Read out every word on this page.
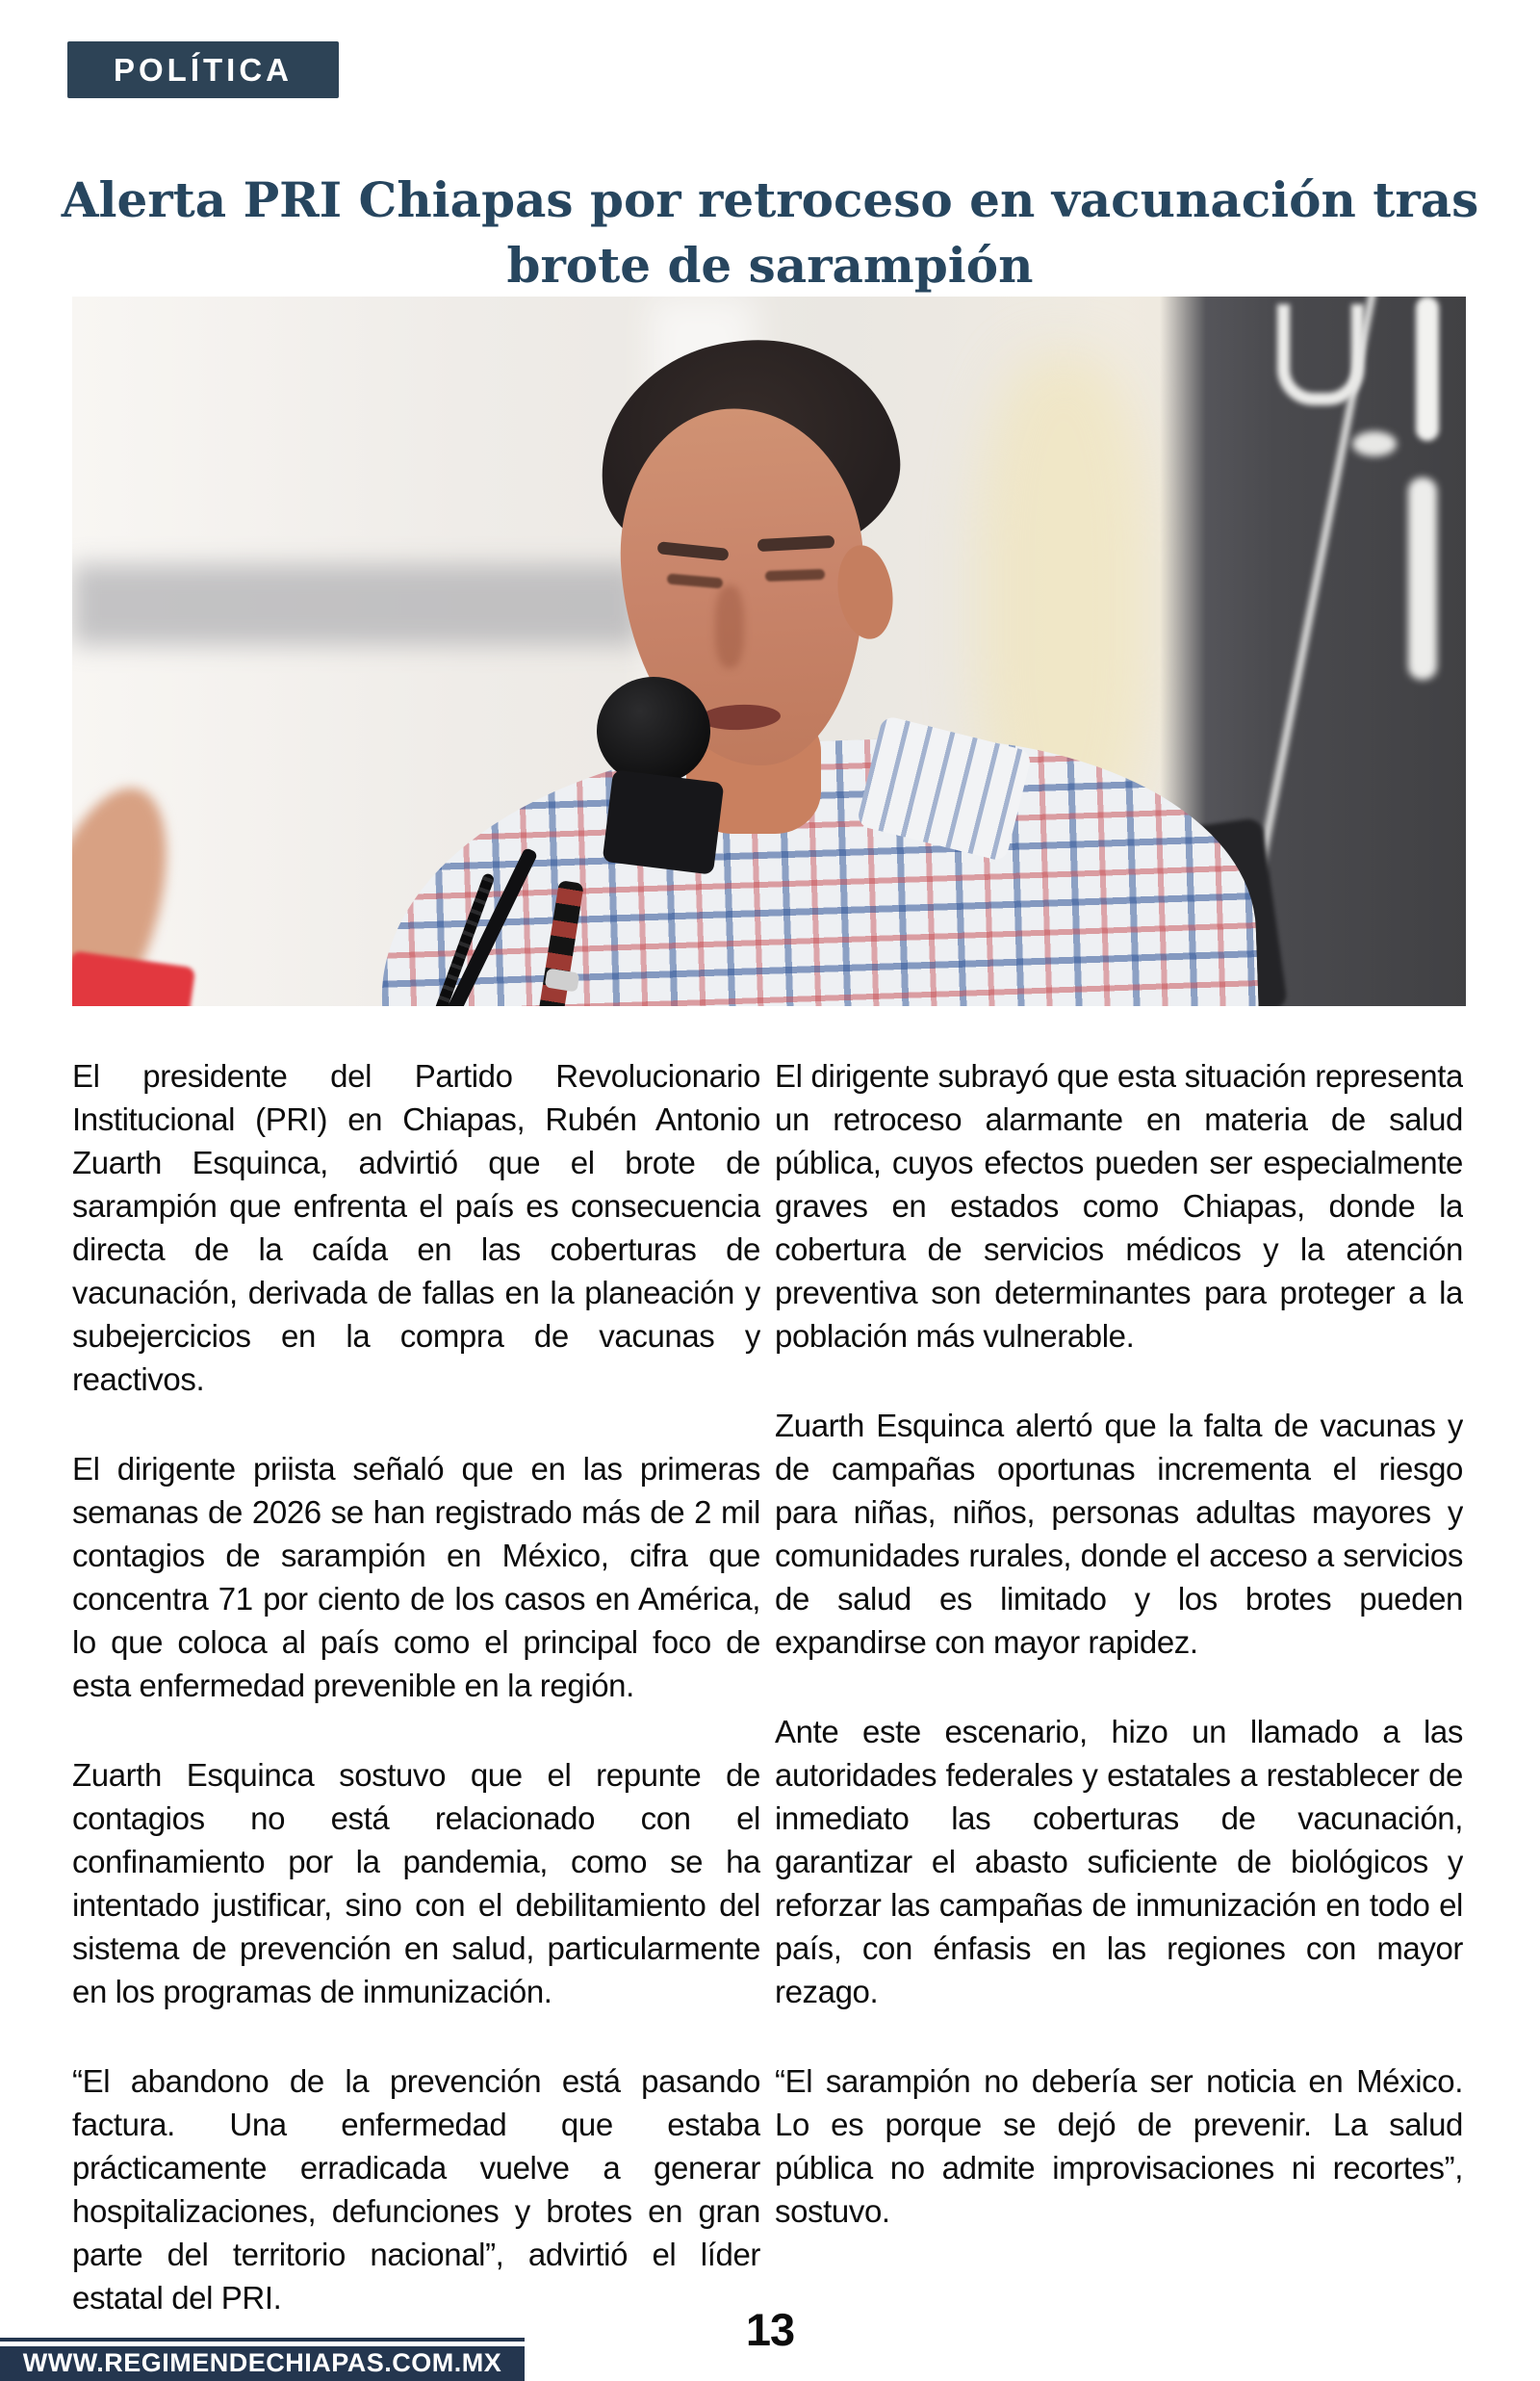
POLÍTICA
Alerta PRI Chiapas por retroceso en vacunación tras brote de sarampión

El presidente del Partido Revolucionario Institucional (PRI) en Chiapas, Rubén Antonio Zuarth Esquinca, advirtió que el brote de sarampión que enfrenta el país es consecuencia directa de la caída en las coberturas de vacunación, derivada de fallas en la planeación y subejercicios en la compra de vacunas y reactivos.

El dirigente priista señaló que en las primeras semanas de 2026 se han registrado más de 2 mil contagios de sarampión en México, cifra que concentra 71 por ciento de los casos en América, lo que coloca al país como el principal foco de esta enfermedad prevenible en la región.

Zuarth Esquinca sostuvo que el repunte de contagios no está relacionado con el confinamiento por la pandemia, como se ha intentado justificar, sino con el debilitamiento del sistema de prevención en salud, particularmente en los programas de inmunización.

“El abandono de la prevención está pasando factura. Una enfermedad que estaba prácticamente erradicada vuelve a generar hospitalizaciones, defunciones y brotes en gran parte del territorio nacional”, advirtió el líder estatal del PRI.

El dirigente subrayó que esta situación representa un retroceso alarmante en materia de salud pública, cuyos efectos pueden ser especialmente graves en estados como Chiapas, donde la cobertura de servicios médicos y la atención preventiva son determinantes para proteger a la población más vulnerable.

Zuarth Esquinca alertó que la falta de vacunas y de campañas oportunas incrementa el riesgo para niñas, niños, personas adultas mayores y comunidades rurales, donde el acceso a servicios de salud es limitado y los brotes pueden expandirse con mayor rapidez.

Ante este escenario, hizo un llamado a las autoridades federales y estatales a restablecer de inmediato las coberturas de vacunación, garantizar el abasto suficiente de biológicos y reforzar las campañas de inmunización en todo el país, con énfasis en las regiones con mayor rezago.

“El sarampión no debería ser noticia en México. Lo es porque se dejó de prevenir. La salud pública no admite improvisaciones ni recortes”, sostuvo.

13
WWW.REGIMENDECHIAPAS.COM.MX
